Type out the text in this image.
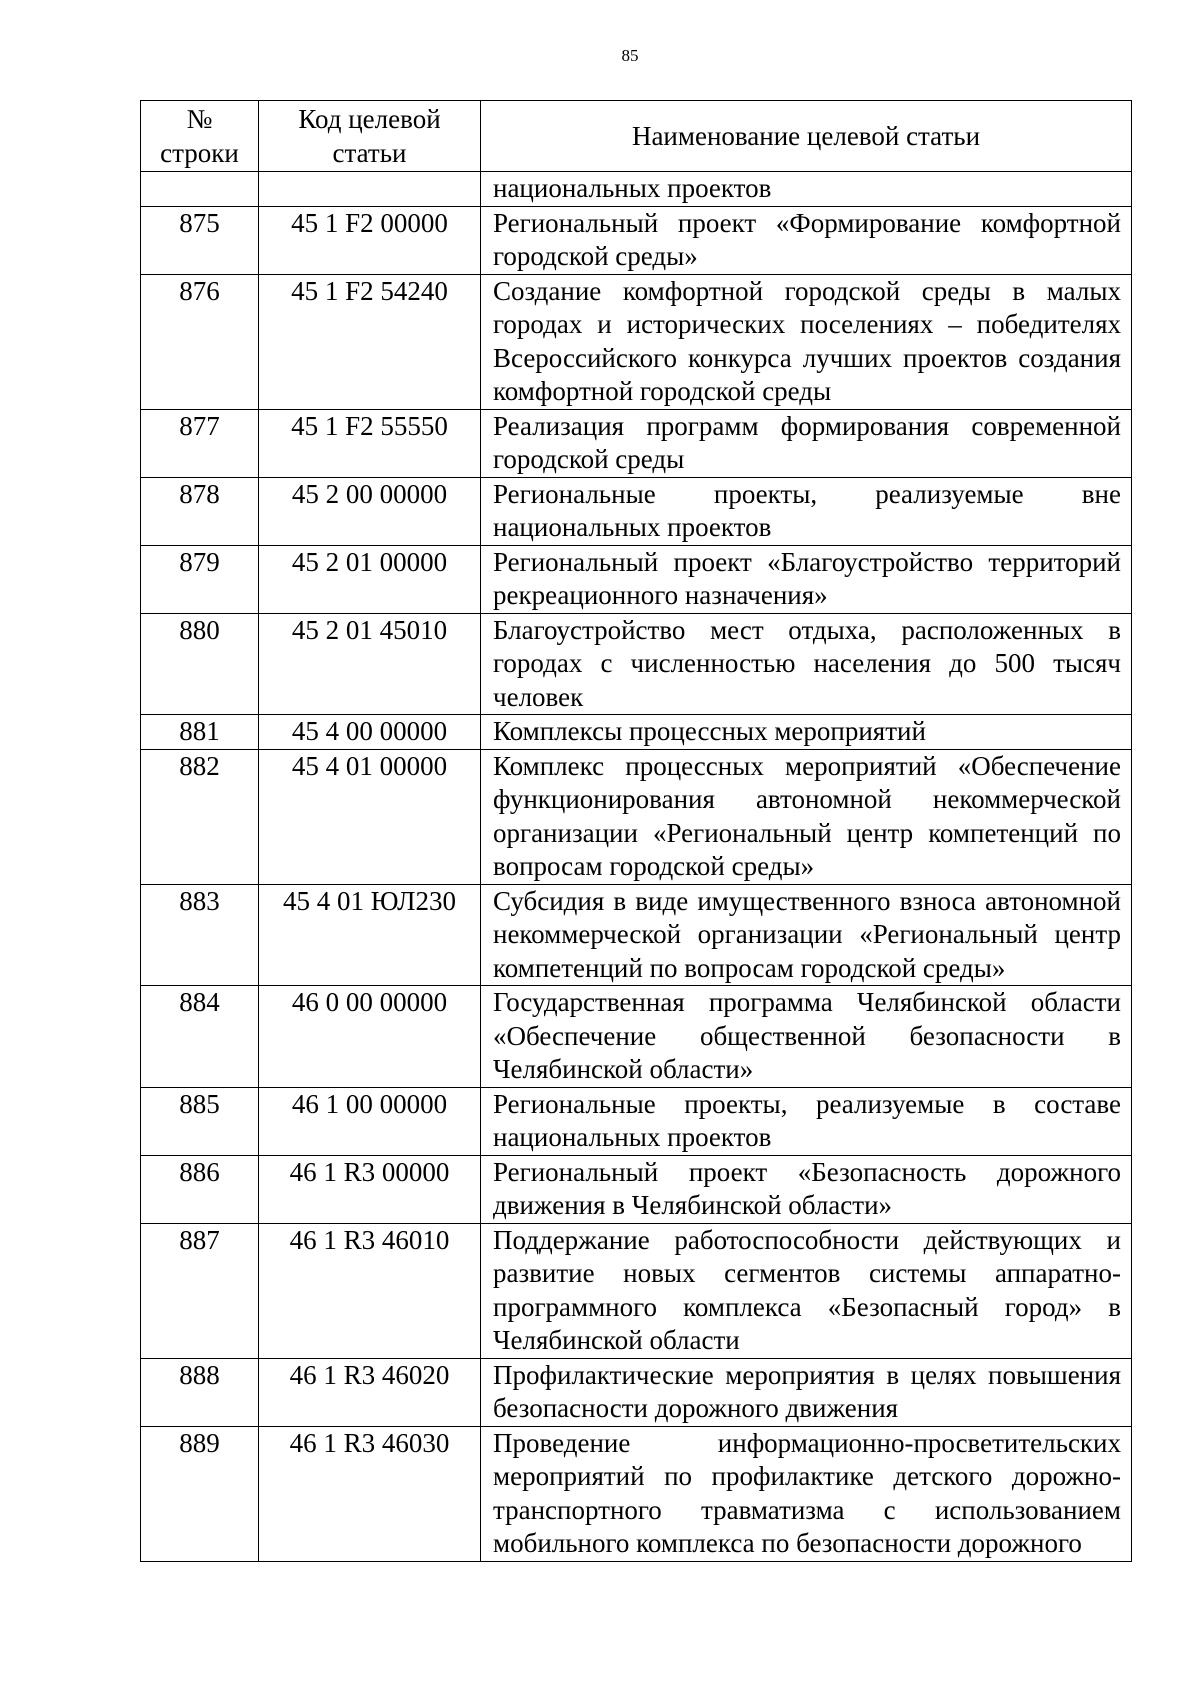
85
№ строки	Код целевой статьи	Наименование целевой статьи
		национальных проектов
875	45 1 F2 00000	Региональный проект «Формирование комфортной городской среды»
876	45 1 F2 54240	Создание комфортной городской среды в малых городах и исторических поселениях – победителях Всероссийского конкурса лучших проектов создания комфортной городской среды
877	45 1 F2 55550	Реализация программ формирования современной городской среды
878	45 2 00 00000	Региональные проекты, реализуемые вне национальных проектов
879	45 2 01 00000	Региональный проект «Благоустройство территорий рекреационного назначения»
880	45 2 01 45010	Благоустройство мест отдыха, расположенных в городах с численностью населения до 500 тысяч человек
881	45 4 00 00000	Комплексы процессных мероприятий
882	45 4 01 00000	Комплекс процессных мероприятий «Обеспечение функционирования автономной некоммерческой организации «Региональный центр компетенций по вопросам городской среды»
883	45 4 01 ЮЛ230	Субсидия в виде имущественного взноса автономной некоммерческой организации «Региональный центр компетенций по вопросам городской среды»
884	46 0 00 00000	Государственная программа Челябинской области «Обеспечение общественной безопасности в Челябинской области»
885	46 1 00 00000	Региональные проекты, реализуемые в составе национальных проектов
886	46 1 R3 00000	Региональный проект «Безопасность дорожного движения в Челябинской области»
887	46 1 R3 46010	Поддержание работоспособности действующих и развитие новых сегментов системы аппаратно-программного комплекса «Безопасный город» в Челябинской области
888	46 1 R3 46020	Профилактические мероприятия в целях повышения безопасности дорожного движения
889	46 1 R3 46030	Проведение информационно-просветительских мероприятий по профилактике детского дорожно-транспортного травматизма с использованием мобильного комплекса по безопасности дорожного
